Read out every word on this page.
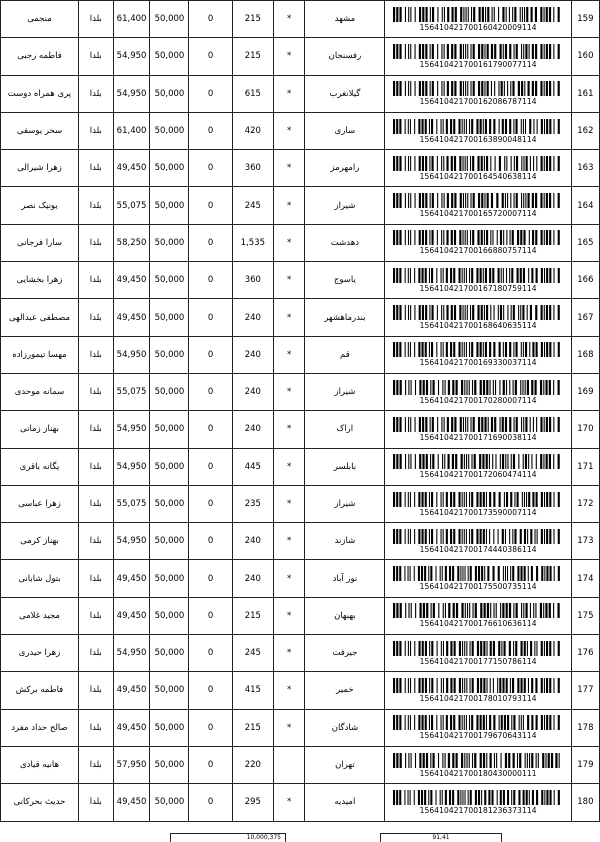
منجمی	بلدا	61,400	50,000	0	215	*	مشهد	156410421700160420009114	159
فاطمه رجبی	بلدا	54,950	50,000	0	215	*	رفسنجان	156410421700161790077114	160
پری همراه دوست	بلدا	54,950	50,000	0	615	*	گیلانغرب	156410421700162086787114	161
سحر یوسفی	بلدا	61,400	50,000	0	420	*	ساری	156410421700163890048114	162
زهرا شیرالی	بلدا	49,450	50,000	0	360	*	رامهرمز	156410421700164540638114	163
یونیک نصر	بلدا	55,075	50,000	0	245	*	شیراز	156410421700165720007114	164
سارا فرجانی	بلدا	58,250	50,000	0	1,535	*	دهدشت	156410421700166880757114	165
زهرا بخشایی	بلدا	49,450	50,000	0	360	*	یاسوج	156410421700167180759114	166
مصطفی عبدالهی	بلدا	49,450	50,000	0	240	*	بندرماهشهر	156410421700168640635114	167
مهسا تیمورزاده	بلدا	54,950	50,000	0	240	*	قم	156410421700169330037114	168
سمانه موحدی	بلدا	55,075	50,000	0	240	*	شیراز	156410421700170280007114	169
بهناز زمانی	بلدا	54,950	50,000	0	240	*	اراک	156410421700171690038114	170
یگانه باقری	بلدا	54,950	50,000	0	445	*	بابلسر	156410421700172060474114	171
زهرا عباسی	بلدا	55,075	50,000	0	235	*	شیراز	156410421700173590007114	172
بهناز کرمی	بلدا	54,950	50,000	0	240	*	شازند	156410421700174440386114	173
بتول شابانی	بلدا	49,450	50,000	0	240	*	نور آباد	156410421700175500735114	174
مجید غلامی	بلدا	49,450	50,000	0	215	*	بهبهان	156410421700176610636114	175
زهرا حیدری	بلدا	54,950	50,000	0	245	*	جیرفت	156410421700177150786114	176
فاطمه برکش	بلدا	49,450	50,000	0	415	*	خمیر	156410421700178010793114	177
صالح حداد مفرد	بلدا	49,450	50,000	0	215	*	شادگان	156410421700179670643114	178
هانیه قیادی	بلدا	57,950	50,000	0	220		تهران	156410421700180430000111	179
حدیث بحرکانی	بلدا	49,450	50,000	0	295	*	امیدیه	156410421700181236373114	180
10,000,375	91,41
